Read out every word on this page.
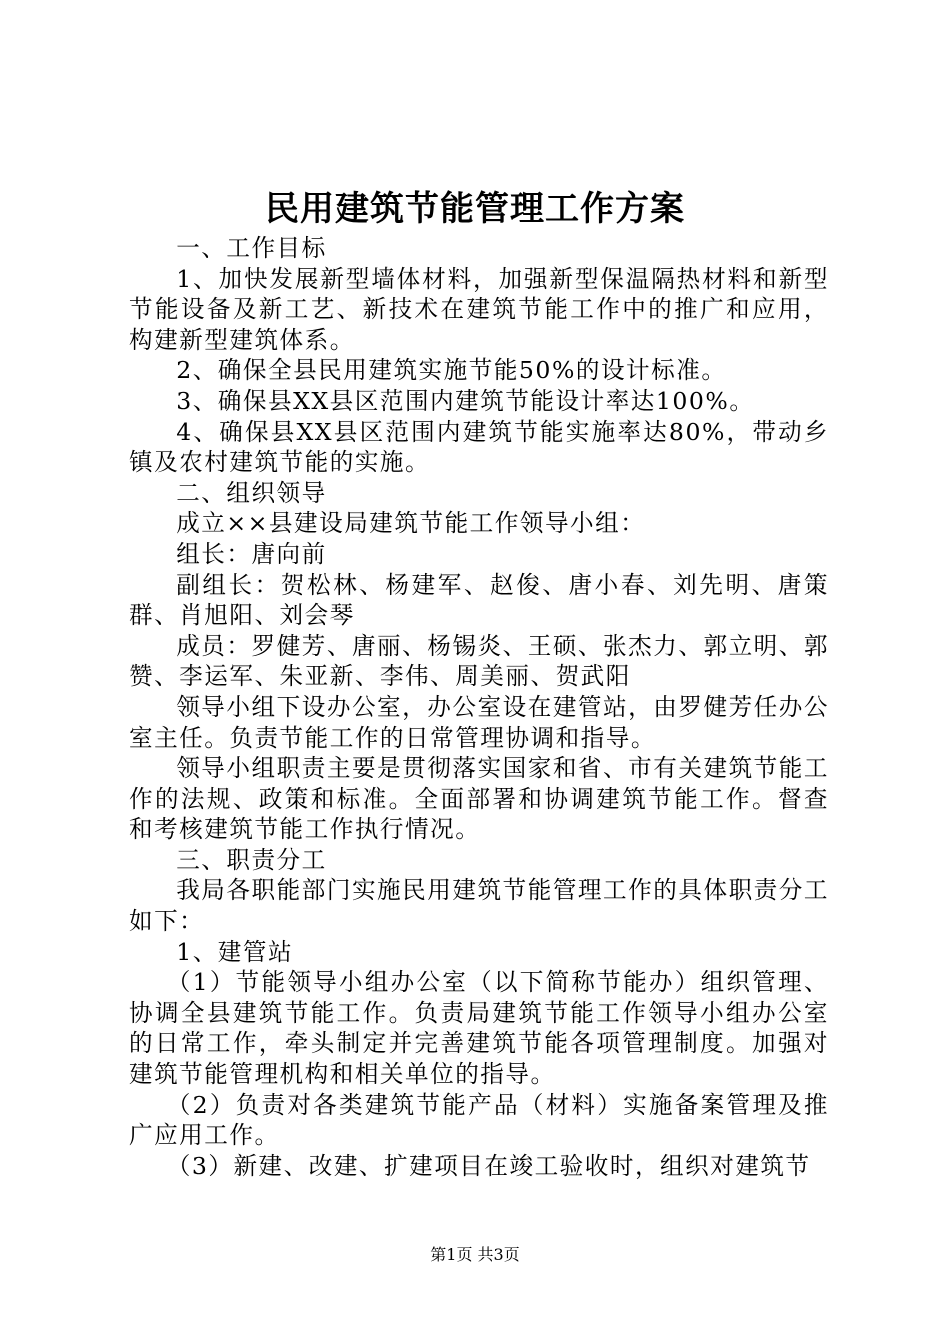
民用建筑节能管理工作方案

一、工作目标

1、加快发展新型墙体材料，加强新型保温隔热材料和新型节能设备及新工艺、新技术在建筑节能工作中的推广和应用，构建新型建筑体系。

2、确保全县民用建筑实施节能50%的设计标准。

3、确保县XX县区范围内建筑节能设计率达100%。

4、确保县XX县区范围内建筑节能实施率达80%，带动乡镇及农村建筑节能的实施。

二、组织领导

成立××县建设局建筑节能工作领导小组：

组长：唐向前

副组长：贺松林、杨建军、赵俊、唐小春、刘先明、唐策群、肖旭阳、刘会琴

成员：罗健芳、唐丽、杨锡炎、王硕、张杰力、郭立明、郭赞、李运军、朱亚新、李伟、周美丽、贺武阳

领导小组下设办公室，办公室设在建管站，由罗健芳任办公室主任。负责节能工作的日常管理协调和指导。

领导小组职责主要是贯彻落实国家和省、市有关建筑节能工作的法规、政策和标准。全面部署和协调建筑节能工作。督查和考核建筑节能工作执行情况。

三、职责分工

我局各职能部门实施民用建筑节能管理工作的具体职责分工如下：

1、建管站

（1）节能领导小组办公室（以下简称节能办）组织管理、协调全县建筑节能工作。负责局建筑节能工作领导小组办公室的日常工作，牵头制定并完善建筑节能各项管理制度。加强对建筑节能管理机构和相关单位的指导。

（2）负责对各类建筑节能产品（材料）实施备案管理及推广应用工作。

（3）新建、改建、扩建项目在竣工验收时，组织对建筑节

第1页 共3页
